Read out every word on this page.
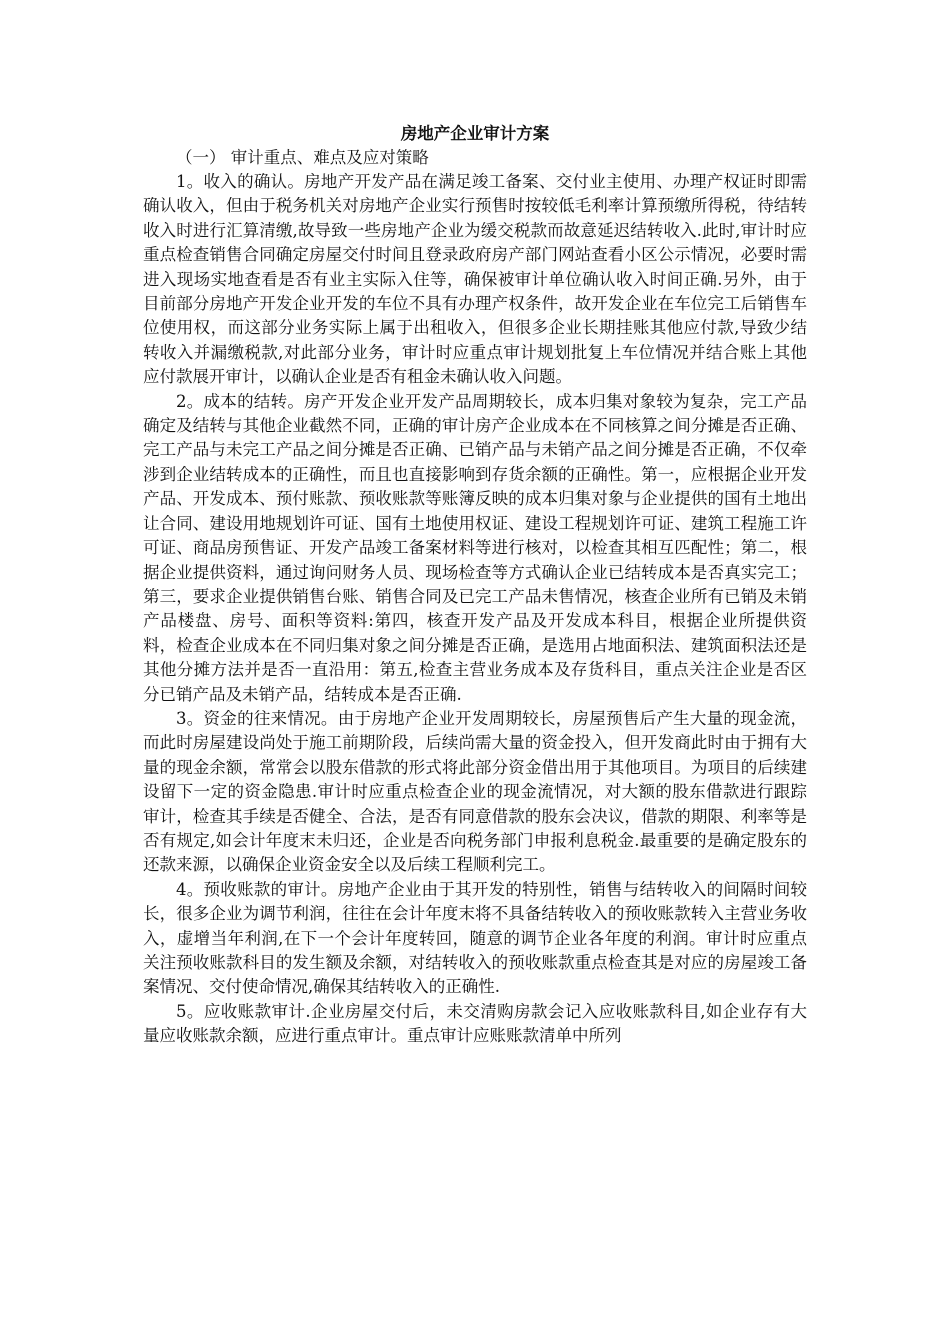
房地产企业审计方案

（一） 审计重点、难点及应对策略

1。收入的确认。房地产开发产品在满足竣工备案、交付业主使用、办理产权证时即需确认收入，但由于税务机关对房地产企业实行预售时按较低毛利率计算预缴所得税，待结转收入时进行汇算清缴,故导致一些房地产企业为缓交税款而故意延迟结转收入.此时,审计时应重点检查销售合同确定房屋交付时间且登录政府房产部门网站查看小区公示情况，必要时需进入现场实地查看是否有业主实际入住等，确保被审计单位确认收入时间正确.另外，由于目前部分房地产开发企业开发的车位不具有办理产权条件，故开发企业在车位完工后销售车位使用权，而这部分业务实际上属于出租收入，但很多企业长期挂账其他应付款,导致少结转收入并漏缴税款,对此部分业务，审计时应重点审计规划批复上车位情况并结合账上其他应付款展开审计，以确认企业是否有租金未确认收入问题。

2。成本的结转。房产开发企业开发产品周期较长，成本归集对象较为复杂，完工产品确定及结转与其他企业截然不同，正确的审计房产企业成本在不同核算之间分摊是否正确、完工产品与未完工产品之间分摊是否正确、已销产品与未销产品之间分摊是否正确，不仅牵涉到企业结转成本的正确性，而且也直接影响到存货余额的正确性。第一，应根据企业开发产品、开发成本、预付账款、预收账款等账簿反映的成本归集对象与企业提供的国有土地出让合同、建设用地规划许可证、国有土地使用权证、建设工程规划许可证、建筑工程施工许可证、商品房预售证、开发产品竣工备案材料等进行核对，以检查其相互匹配性；第二，根据企业提供资料，通过询问财务人员、现场检查等方式确认企业已结转成本是否真实完工；第三，要求企业提供销售台账、销售合同及已完工产品未售情况，核查企业所有已销及未销产品楼盘、房号、面积等资料:第四，核查开发产品及开发成本科目，根据企业所提供资料，检查企业成本在不同归集对象之间分摊是否正确，是选用占地面积法、建筑面积法还是其他分摊方法并是否一直沿用：第五,检查主营业务成本及存货科目，重点关注企业是否区分已销产品及未销产品，结转成本是否正确.

3。资金的往来情况。由于房地产企业开发周期较长，房屋预售后产生大量的现金流，而此时房屋建设尚处于施工前期阶段，后续尚需大量的资金投入，但开发商此时由于拥有大量的现金余额，常常会以股东借款的形式将此部分资金借出用于其他项目。为项目的后续建设留下一定的资金隐患.审计时应重点检查企业的现金流情况，对大额的股东借款进行跟踪审计，检查其手续是否健全、合法，是否有同意借款的股东会决议，借款的期限、利率等是否有规定,如会计年度末未归还，企业是否向税务部门申报利息税金.最重要的是确定股东的还款来源，以确保企业资金安全以及后续工程顺利完工。

4。预收账款的审计。房地产企业由于其开发的特别性，销售与结转收入的间隔时间较长，很多企业为调节利润，往往在会计年度末将不具备结转收入的预收账款转入主营业务收入，虚增当年利润,在下一个会计年度转回，随意的调节企业各年度的利润。审计时应重点关注预收账款科目的发生额及余额，对结转收入的预收账款重点检查其是对应的房屋竣工备案情况、交付使命情况,确保其结转收入的正确性.

5。应收账款审计.企业房屋交付后，未交清购房款会记入应收账款科目,如企业存有大量应收账款余额，应进行重点审计。重点审计应账账款清单中所列
